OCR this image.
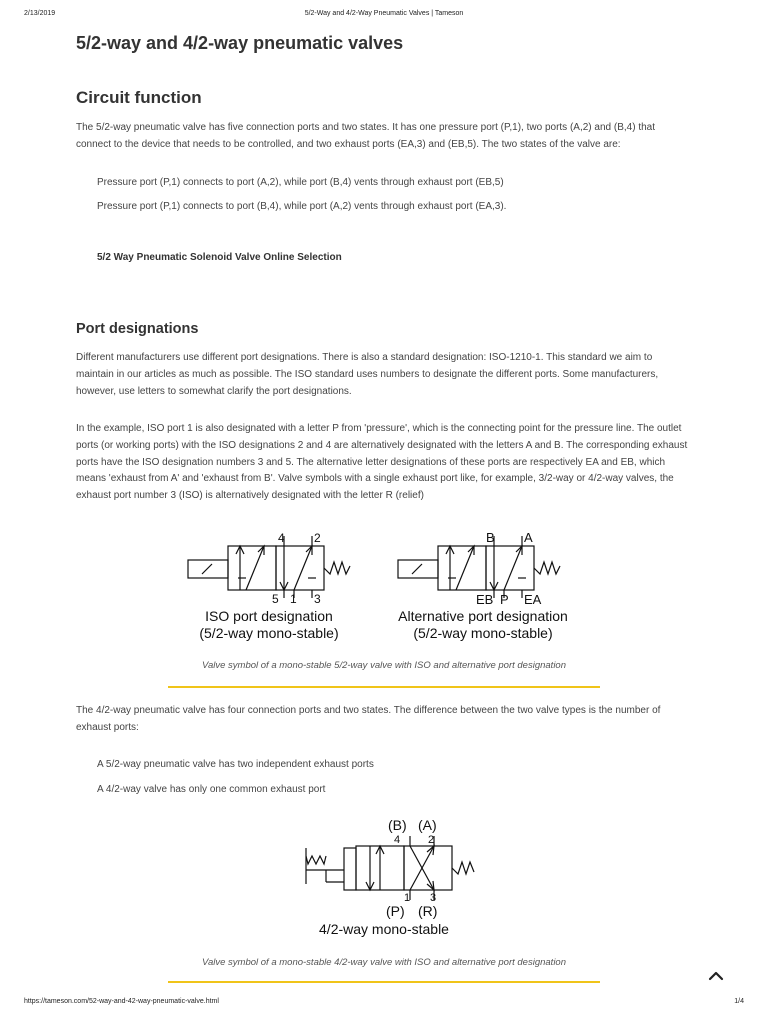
2/13/2019	5/2-Way and 4/2-Way Pneumatic Valves | Tameson
5/2-way and 4/2-way pneumatic valves
Circuit function

The 5/2-way pneumatic valve has five connection ports and two states. It has one pressure port (P,1), two ports (A,2) and (B,4) that connect to the device that needs to be controlled, and two exhaust ports (EA,3) and (EB,5). The two states of the valve are:

Pressure port (P,1) connects to port (A,2), while port (B,4) vents through exhaust port (EB,5)

Pressure port (P,1) connects to port (B,4), while port (A,2) vents through exhaust port (EA,3).

5/2 Way Pneumatic Solenoid Valve Online Selection
Port designations

Different manufacturers use different port designations. There is also a standard designation: ISO-1210-1. This standard we aim to maintain in our articles as much as possible. The ISO standard uses numbers to designate the different ports. Some manufacturers, however, use letters to somewhat clarify the port designations.

In the example, ISO port 1 is also designated with a letter P from 'pressure', which is the connecting point for the pressure line. The outlet ports (or working ports) with the ISO designations 2 and 4 are alternatively designated with the letters A and B. The corresponding exhaust ports have the ISO designation numbers 3 and 5. The alternative letter designations of these ports are respectively EA and EB, which means 'exhaust from A' and 'exhaust from B'. Valve symbols with a single exhaust port like, for example, 3/2-way or 4/2-way valves, the exhaust port number 3 (ISO) is alternatively designated with the letter R (relief)

4 2
5 1 3
ISO port designation
(5/2-way mono-stable)
B A
EB P EA
Alternative port designation
(5/2-way mono-stable)

Valve symbol of a mono-stable 5/2-way valve with ISO and alternative port designation

The 4/2-way pneumatic valve has four connection ports and two states. The difference between the two valve types is the number of exhaust ports:

A 5/2-way pneumatic valve has two independent exhaust ports

A 4/2-way valve has only one common exhaust port

(B) (A)
4	2
1 3
(P) (R)
4/2-way mono-stable

Valve symbol of a mono-stable 4/2-way valve with ISO and alternative port designation

https://tameson.com/52-way-and-42-way-pneumatic-valve.html	1/4
